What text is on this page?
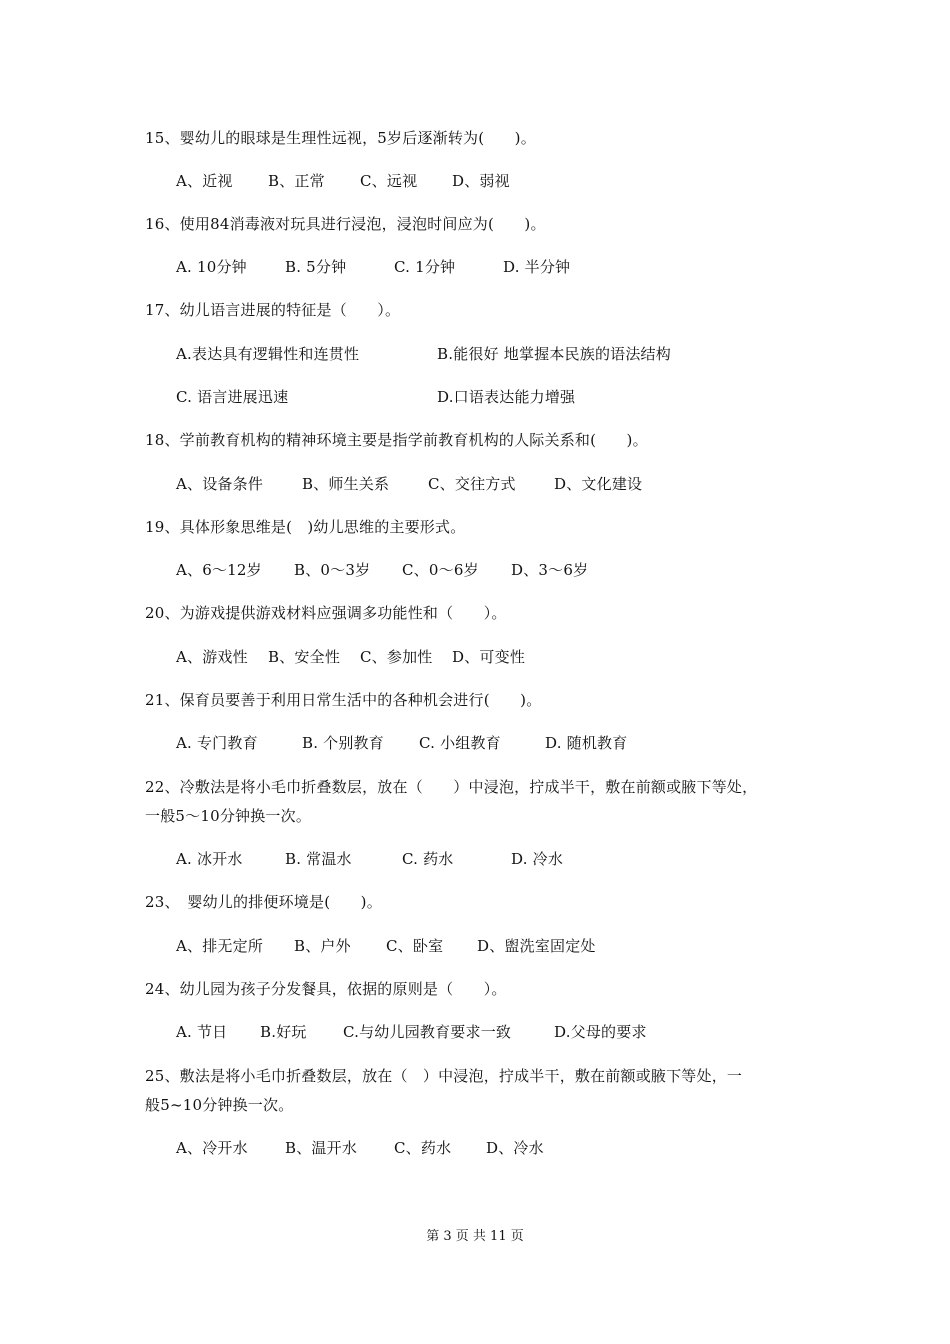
15、婴幼儿的眼球是生理性远视，5岁后逐渐转为(　　)。
A、近视 B、正常 C、远视 D、弱视
16、使用84消毒液对玩具进行浸泡，浸泡时间应为(　　)。
A. 10分钟	B. 5分钟	C. 1分钟	D. 半分钟
17、幼儿语言进展的特征是（　　）。
A.表达具有逻辑性和连贯性	B.能很好 地掌握本民族的语法结构
C. 语言进展迅速	D.口语表达能力增强
18、学前教育机构的精神环境主要是指学前教育机构的人际关系和(　　)。
A、设备条件	B、师生关系	C、交往方式	D、文化建设
19、具体形象思维是(　)幼儿思维的主要形式。
A、6～12岁 B、0～3岁 C、0～6岁 D、3～6岁
20、为游戏提供游戏材料应强调多功能性和（　　）。
A、游戏性 B、安全性 C、参加性 D、可变性
21、保育员要善于利用日常生活中的各种机会进行(　　)。
A. 专门教育	B. 个别教育 C. 小组教育	D. 随机教育
22、冷敷法是将小毛巾折叠数层，放在（　　）中浸泡，拧成半干，敷在前额或腋下等处，
一般5～10分钟换一次。
A. 冰开水	B. 常温水	C. 药水	D. 冷水
23、　婴幼儿的排便环境是(　　)。
A、排无定所 B、户外 C、卧室 D、盥洗室固定处
24、幼儿园为孩子分发餐具，依据的原则是（　　）。
A. 节日 B.好玩 C.与幼儿园教育要求一致	D.父母的要求
25、敷法是将小毛巾折叠数层，放在（　）中浸泡，拧成半干，敷在前额或腋下等处，一
般5~10分钟换一次。
A、冷开水 B、温开水 C、药水 D、冷水
第 3 页 共 11 页
